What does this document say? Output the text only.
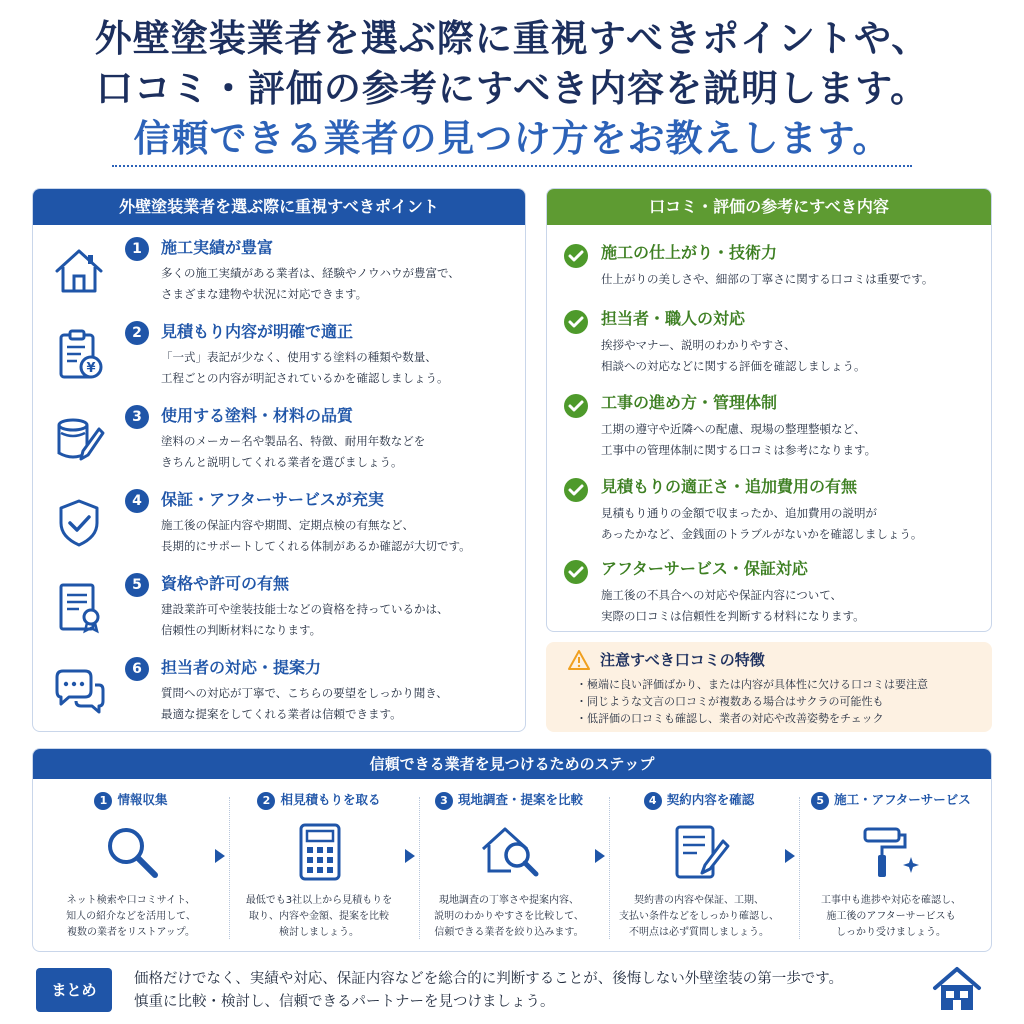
外壁塗装業者を選ぶ際に重視すべきポイントや、
口コミ・評価の参考にすべき内容を説明します。
信頼できる業者の見つけ方をお教えします。
外壁塗装業者を選ぶ際に重視すべきポイント
1	施工実績が豊富
多くの施工実績がある業者は、経験やノウハウが豊富で、
さまざまな建物や状況に対応できます。
¥
2	見積もり内容が明確で適正
「一式」表記が少なく、使用する塗料の種類や数量、
工程ごとの内容が明記されているかを確認しましょう。
3	使用する塗料・材料の品質
塗料のメーカー名や製品名、特徴、耐用年数などを
きちんと説明してくれる業者を選びましょう。
4	保証・アフターサービスが充実
施工後の保証内容や期間、定期点検の有無など、
長期的にサポートしてくれる体制があるか確認が大切です。
5	資格や許可の有無
建設業許可や塗装技能士などの資格を持っているかは、
信頼性の判断材料になります。
6	担当者の対応・提案力
質問への対応が丁寧で、こちらの要望をしっかり聞き、
最適な提案をしてくれる業者は信頼できます。
口コミ・評価の参考にすべき内容
施工の仕上がり・技術力
仕上がりの美しさや、細部の丁寧さに関する口コミは重要です。
担当者・職人の対応
挨拶やマナー、説明のわかりやすさ、
相談への対応などに関する評価を確認しましょう。
工事の進め方・管理体制
工期の遵守や近隣への配慮、現場の整理整頓など、
工事中の管理体制に関する口コミは参考になります。
見積もりの適正さ・追加費用の有無
見積もり通りの金額で収まったか、追加費用の説明が
あったかなど、金銭面のトラブルがないかを確認しましょう。
アフターサービス・保証対応
施工後の不具合への対応や保証内容について、
実際の口コミは信頼性を判断する材料になります。
注意すべき口コミの特徴
・極端に良い評価ばかり、または内容が具体性に欠ける口コミは要注意
・同じような文言の口コミが複数ある場合はサクラの可能性も
・低評価の口コミも確認し、業者の対応や改善姿勢をチェック
信頼できる業者を見つけるためのステップ
1 情報収集
ネット検索や口コミサイト、
知人の紹介などを活用して、
複数の業者をリストアップ。
2 相見積もりを取る
最低でも3社以上から見積もりを
取り、内容や金額、提案を比較
検討しましょう。
3 現地調査・提案を比較
現地調査の丁寧さや提案内容、
説明のわかりやすさを比較して、
信頼できる業者を絞り込みます。
4 契約内容を確認
契約書の内容や保証、工期、
支払い条件などをしっかり確認し、
不明点は必ず質問しましょう。
5 施工・アフターサービス
工事中も進捗や対応を確認し、
施工後のアフターサービスも
しっかり受けましょう。
まとめ
価格だけでなく、実績や対応、保証内容などを総合的に判断することが、後悔しない外壁塗装の第一歩です。
慎重に比較・検討し、信頼できるパートナーを見つけましょう。
